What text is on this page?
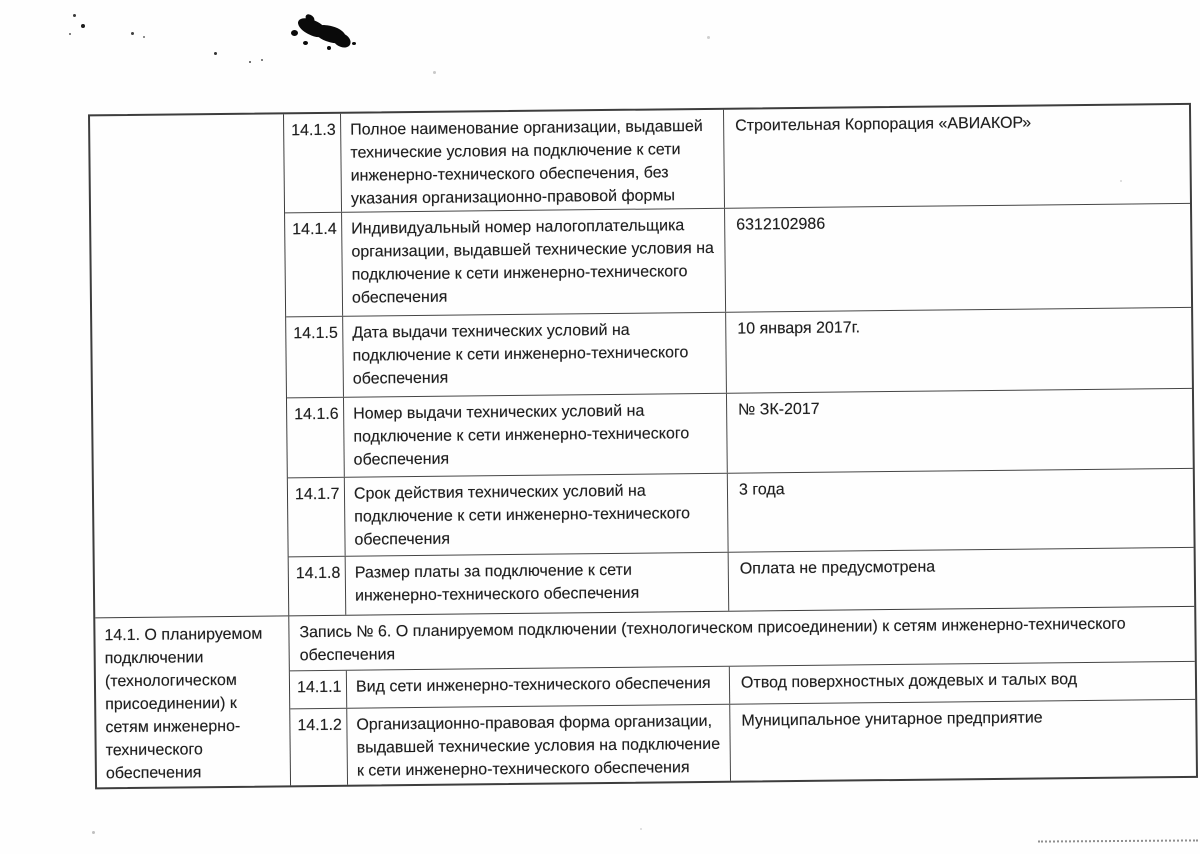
14.1.3 Полное наименование организации, выдавшей технические условия на подключение к сети инженерно-технического обеспечения, без указания организационно-правовой формы
Строительная Корпорация «АВИАКОР»
14.1.4 Индивидуальный номер налогоплательщика организации, выдавшей технические условия на подключение к сети инженерно-технического обеспечения
6312102986
14.1.5 Дата выдачи технических условий на подключение к сети инженерно-технического обеспечения
10 января 2017г.
14.1.6 Номер выдачи технических условий на подключение к сети инженерно-технического обеспечения
№ ЗК-2017
14.1.7 Срок действия технических условий на подключение к сети инженерно-технического обеспечения
3 года
14.1.8 Размер платы за подключение к сети инженерно-технического обеспечения
Оплата не предусмотрена
14.1. О планируемом подключении (технологическом присоединении) к сетям инженерно-технического обеспечения
Запись № 6. О планируемом подключении (технологическом присоединении) к сетям инженерно-технического обеспечения
14.1.1 Вид сети инженерно-технического обеспечения	Отвод поверхностных дождевых и талых вод
14.1.2 Организационно-правовая форма организации, выдавшей технические условия на подключение к сети инженерно-технического обеспечения
Муниципальное унитарное предприятие
